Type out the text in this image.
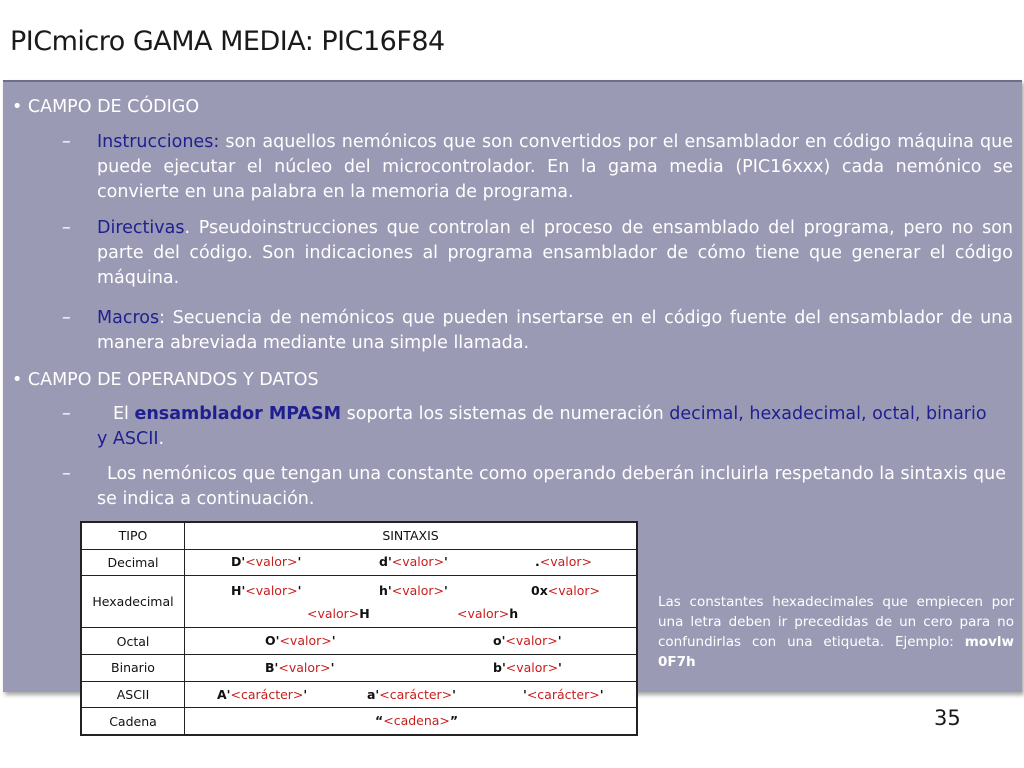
PICmicro GAMA MEDIA: PIC16F84
• CAMPO DE CÓDIGO
– Instrucciones: son aquellos nemónicos que son convertidos por el ensamblador en código máquina que puede ejecutar el núcleo del microcontrolador. En la gama media (PIC16xxx) cada nemónico se convierte en una palabra en la memoria de programa.
– Directivas. Pseudoinstrucciones que controlan el proceso de ensamblado del programa, pero no son parte del código. Son indicaciones al programa ensamblador de cómo tiene que generar el código máquina.
– Macros: Secuencia de nemónicos que pueden insertarse en el código fuente del ensamblador de una manera abreviada mediante una simple llamada.
• CAMPO DE OPERANDOS Y DATOS
–	El ensamblador MPASM soporta los sistemas de numeración decimal, hexadecimal, octal, binario y ASCII.
–	Los nemónicos que tengan una constante como operando deberán incluirla respetando la sintaxis que se indica a continuación.
Las constantes hexadecimales que empiecen por una letra deben ir precedidas de un cero para no confundirlas con una etiqueta. Ejemplo: movlw 0F7h
TIPO	SINTAXIS
Decimal	D'<valor>' d'<valor>' .<valor>

Hexadecimal	H'<valor>' h'<valor>' 0x<valor>
<valor>H <valor>h

Octal	O'<valor>' o'<valor>'

Binario	B'<valor>' b'<valor>'

ASCII	A'<carácter>' a'<carácter>' '<carácter>'

Cadena	“<cadena>”	35
